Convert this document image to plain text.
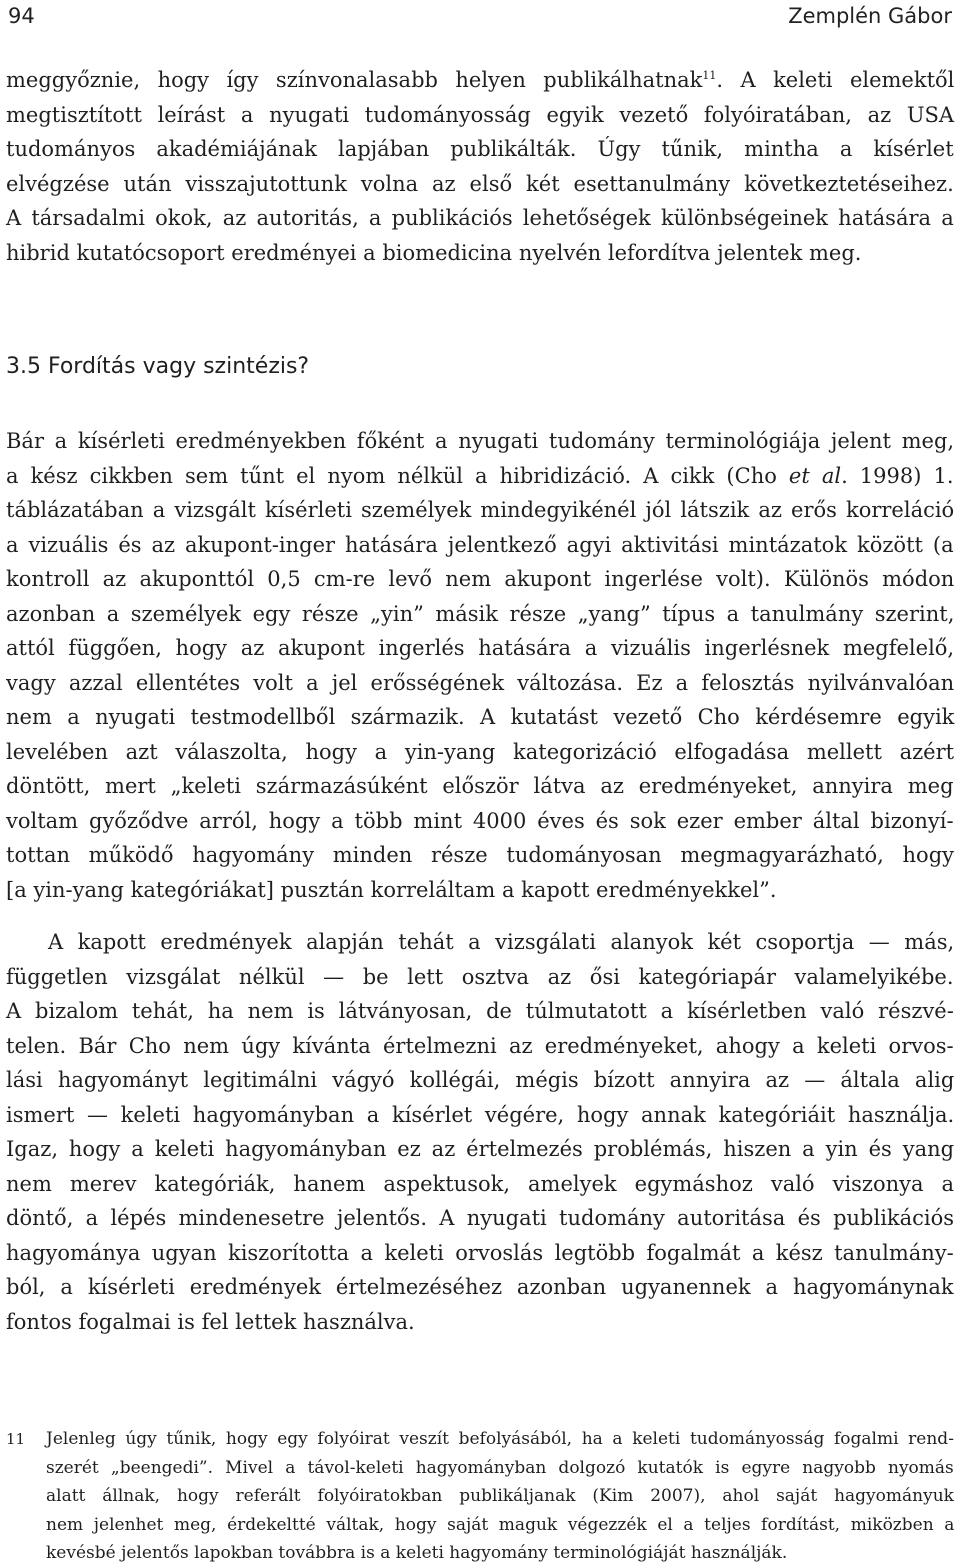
94	Zemplén Gábor
meggyőznie, hogy így színvonalasabb helyen publikálhatnak$^{11}$. A keleti elemektől
megtisztított leírást a nyugati tudományosság egyik vezető folyóiratában, az USA
tudományos akadémiájának lapjában publikálták. Úgy tűnik, mintha a kísérlet
elvégzése után visszajutottunk volna az első két esettanulmány következtetéseihez.
A társadalmi okok, az autoritás, a publikációs lehetőségek különbségeinek hatására a
hibrid kutatócsoport eredményei a biomedicina nyelvén lefordítva jelentek meg.
3.5 Fordítás vagy szintézis?
Bár a kísérleti eredményekben főként a nyugati tudomány terminológiája jelent meg,
a kész cikkben sem tűnt el nyom nélkül a hibridizáció. A cikk (Cho et al. 1998) 1.
táblázatában a vizsgált kísérleti személyek mindegyikénél jól látszik az erős korreláció
a vizuális és az akupont-inger hatására jelentkező agyi aktivitási mintázatok között (a
kontroll az akuponttól 0,5 cm-re levő nem akupont ingerlése volt). Különös módon
azonban a személyek egy része „yin” másik része „yang” típus a tanulmány szerint,
attól függően, hogy az akupont ingerlés hatására a vizuális ingerlésnek megfelelő,
vagy azzal ellentétes volt a jel erősségének változása. Ez a felosztás nyilvánvalóan
nem a nyugati testmodellből származik. A kutatást vezető Cho kérdésemre egyik
levelében azt válaszolta, hogy a yin-yang kategorizáció elfogadása mellett azért
döntött, mert „keleti származásúként először látva az eredményeket, annyira meg
voltam győződve arról, hogy a több mint 4000 éves és sok ezer ember által bizonyí-
tottan működő hagyomány minden része tudományosan megmagyarázható, hogy
[a yin-yang kategóriákat] pusztán korreláltam a kapott eredményekkel”.
A kapott eredmények alapján tehát a vizsgálati alanyok két csoportja — más,
független vizsgálat nélkül — be lett osztva az ősi kategóriapár valamelyikébe.
A bizalom tehát, ha nem is látványosan, de túlmutatott a kísérletben való részvé-
telen. Bár Cho nem úgy kívánta értelmezni az eredményeket, ahogy a keleti orvos-
lási hagyományt legitimálni vágyó kollégái, mégis bízott annyira az — általa alig
ismert — keleti hagyományban a kísérlet végére, hogy annak kategóriáit használja.
Igaz, hogy a keleti hagyományban ez az értelmezés problémás, hiszen a yin és yang
nem merev kategóriák, hanem aspektusok, amelyek egymáshoz való viszonya a
döntő, a lépés mindenesetre jelentős. A nyugati tudomány autoritása és publikációs
hagyománya ugyan kiszorította a keleti orvoslás legtöbb fogalmát a kész tanulmány-
ból, a kísérleti eredmények értelmezéséhez azonban ugyanennek a hagyománynak
fontos fogalmai is fel lettek használva.
11 Jelenleg úgy tűnik, hogy egy folyóirat veszít befolyásából, ha a keleti tudományosság fogalmi rend-
szerét „beengedi”. Mivel a távol-keleti hagyományban dolgozó kutatók is egyre nagyobb nyomás
alatt állnak, hogy referált folyóiratokban publikáljanak (Kim 2007), ahol saját hagyományuk
nem jelenhet meg, érdekeltté váltak, hogy saját maguk végezzék el a teljes fordítást, miközben a
kevésbé jelentős lapokban továbbra is a keleti hagyomány terminológiáját használják.
